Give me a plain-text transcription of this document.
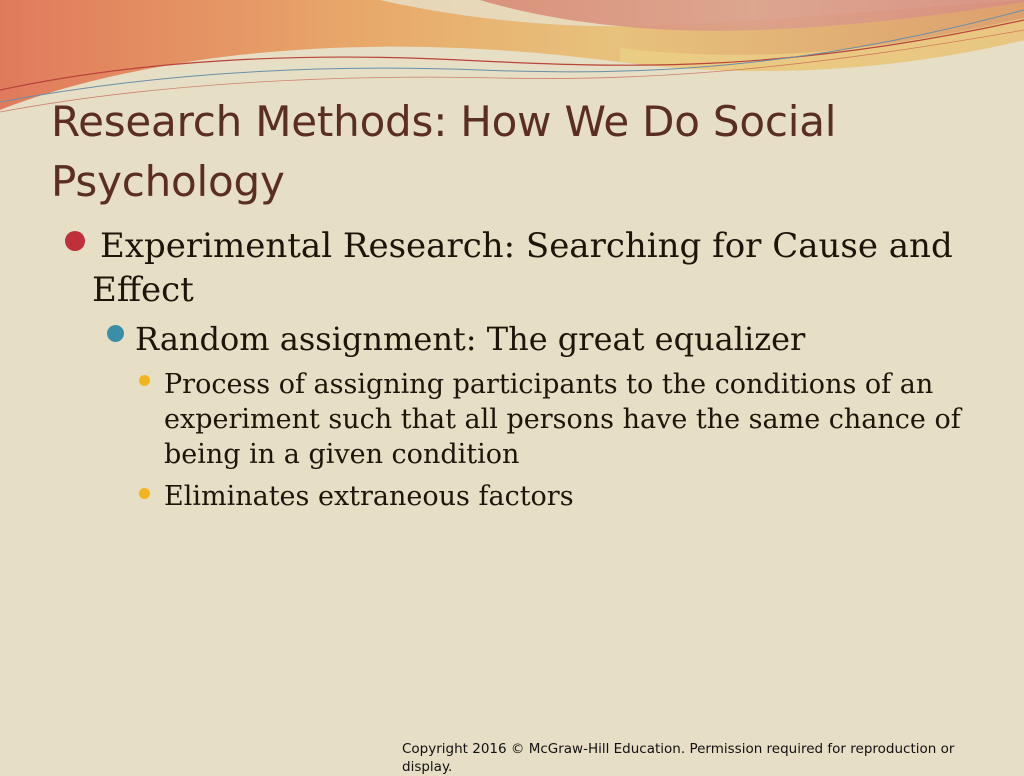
Research Methods: How We Do Social Psychology
Experimental Research: Searching for Cause and Effect
Random assignment: The great equalizer
Process of assigning participants to the conditions of an experiment such that all persons have the same chance of being in a given condition
Eliminates extraneous factors
Copyright 2016 © McGraw-Hill Education. Permission required for reproduction or display.
